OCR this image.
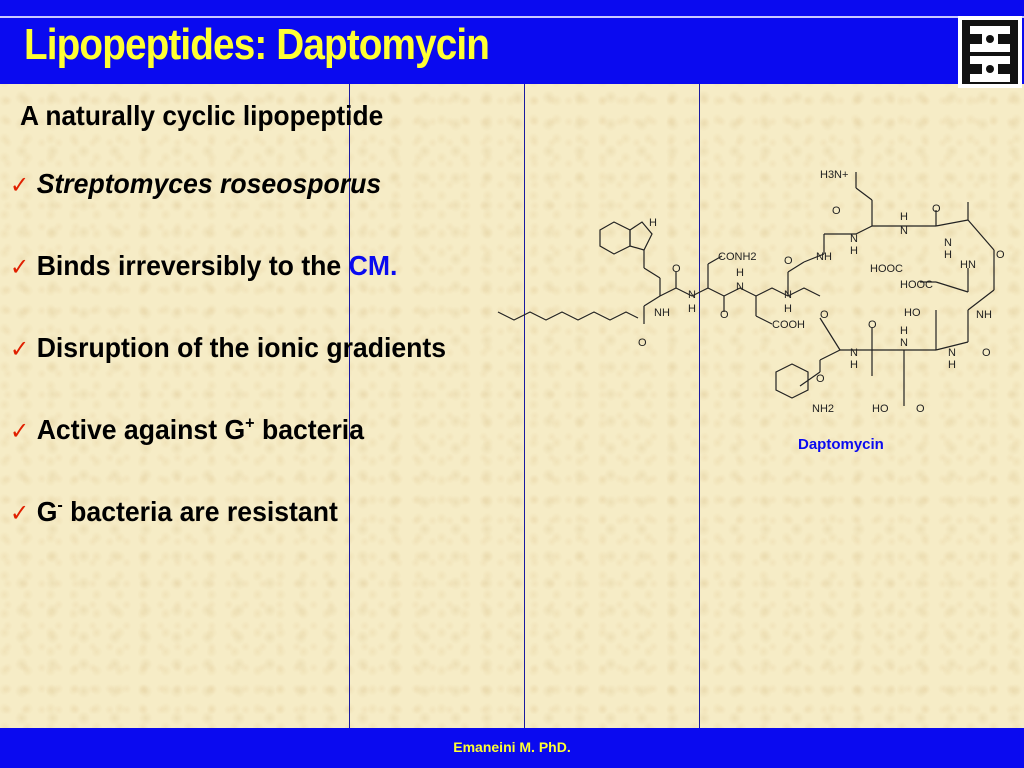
Lipopeptides: Daptomycin
A naturally cyclic lipopeptide
✓ Streptomyces roseosporus
✓ Binds irreversibly to the CM.
✓ Disruption of the ionic gradients
✓ Active against G+ bacteria
✓ G- bacteria are resistant
H3N+
CONH2
COOH
HOOC
HOOC
HO
HO
NH2
NH
NH
NH
HN
N
N
N
N
N
N
N
N
N
H
H
H
H
H
H
H
H
H
H
O
O
O
O
O
O	O
O
O
O
O
O
Daptomycin
Emaneini M. PhD.
